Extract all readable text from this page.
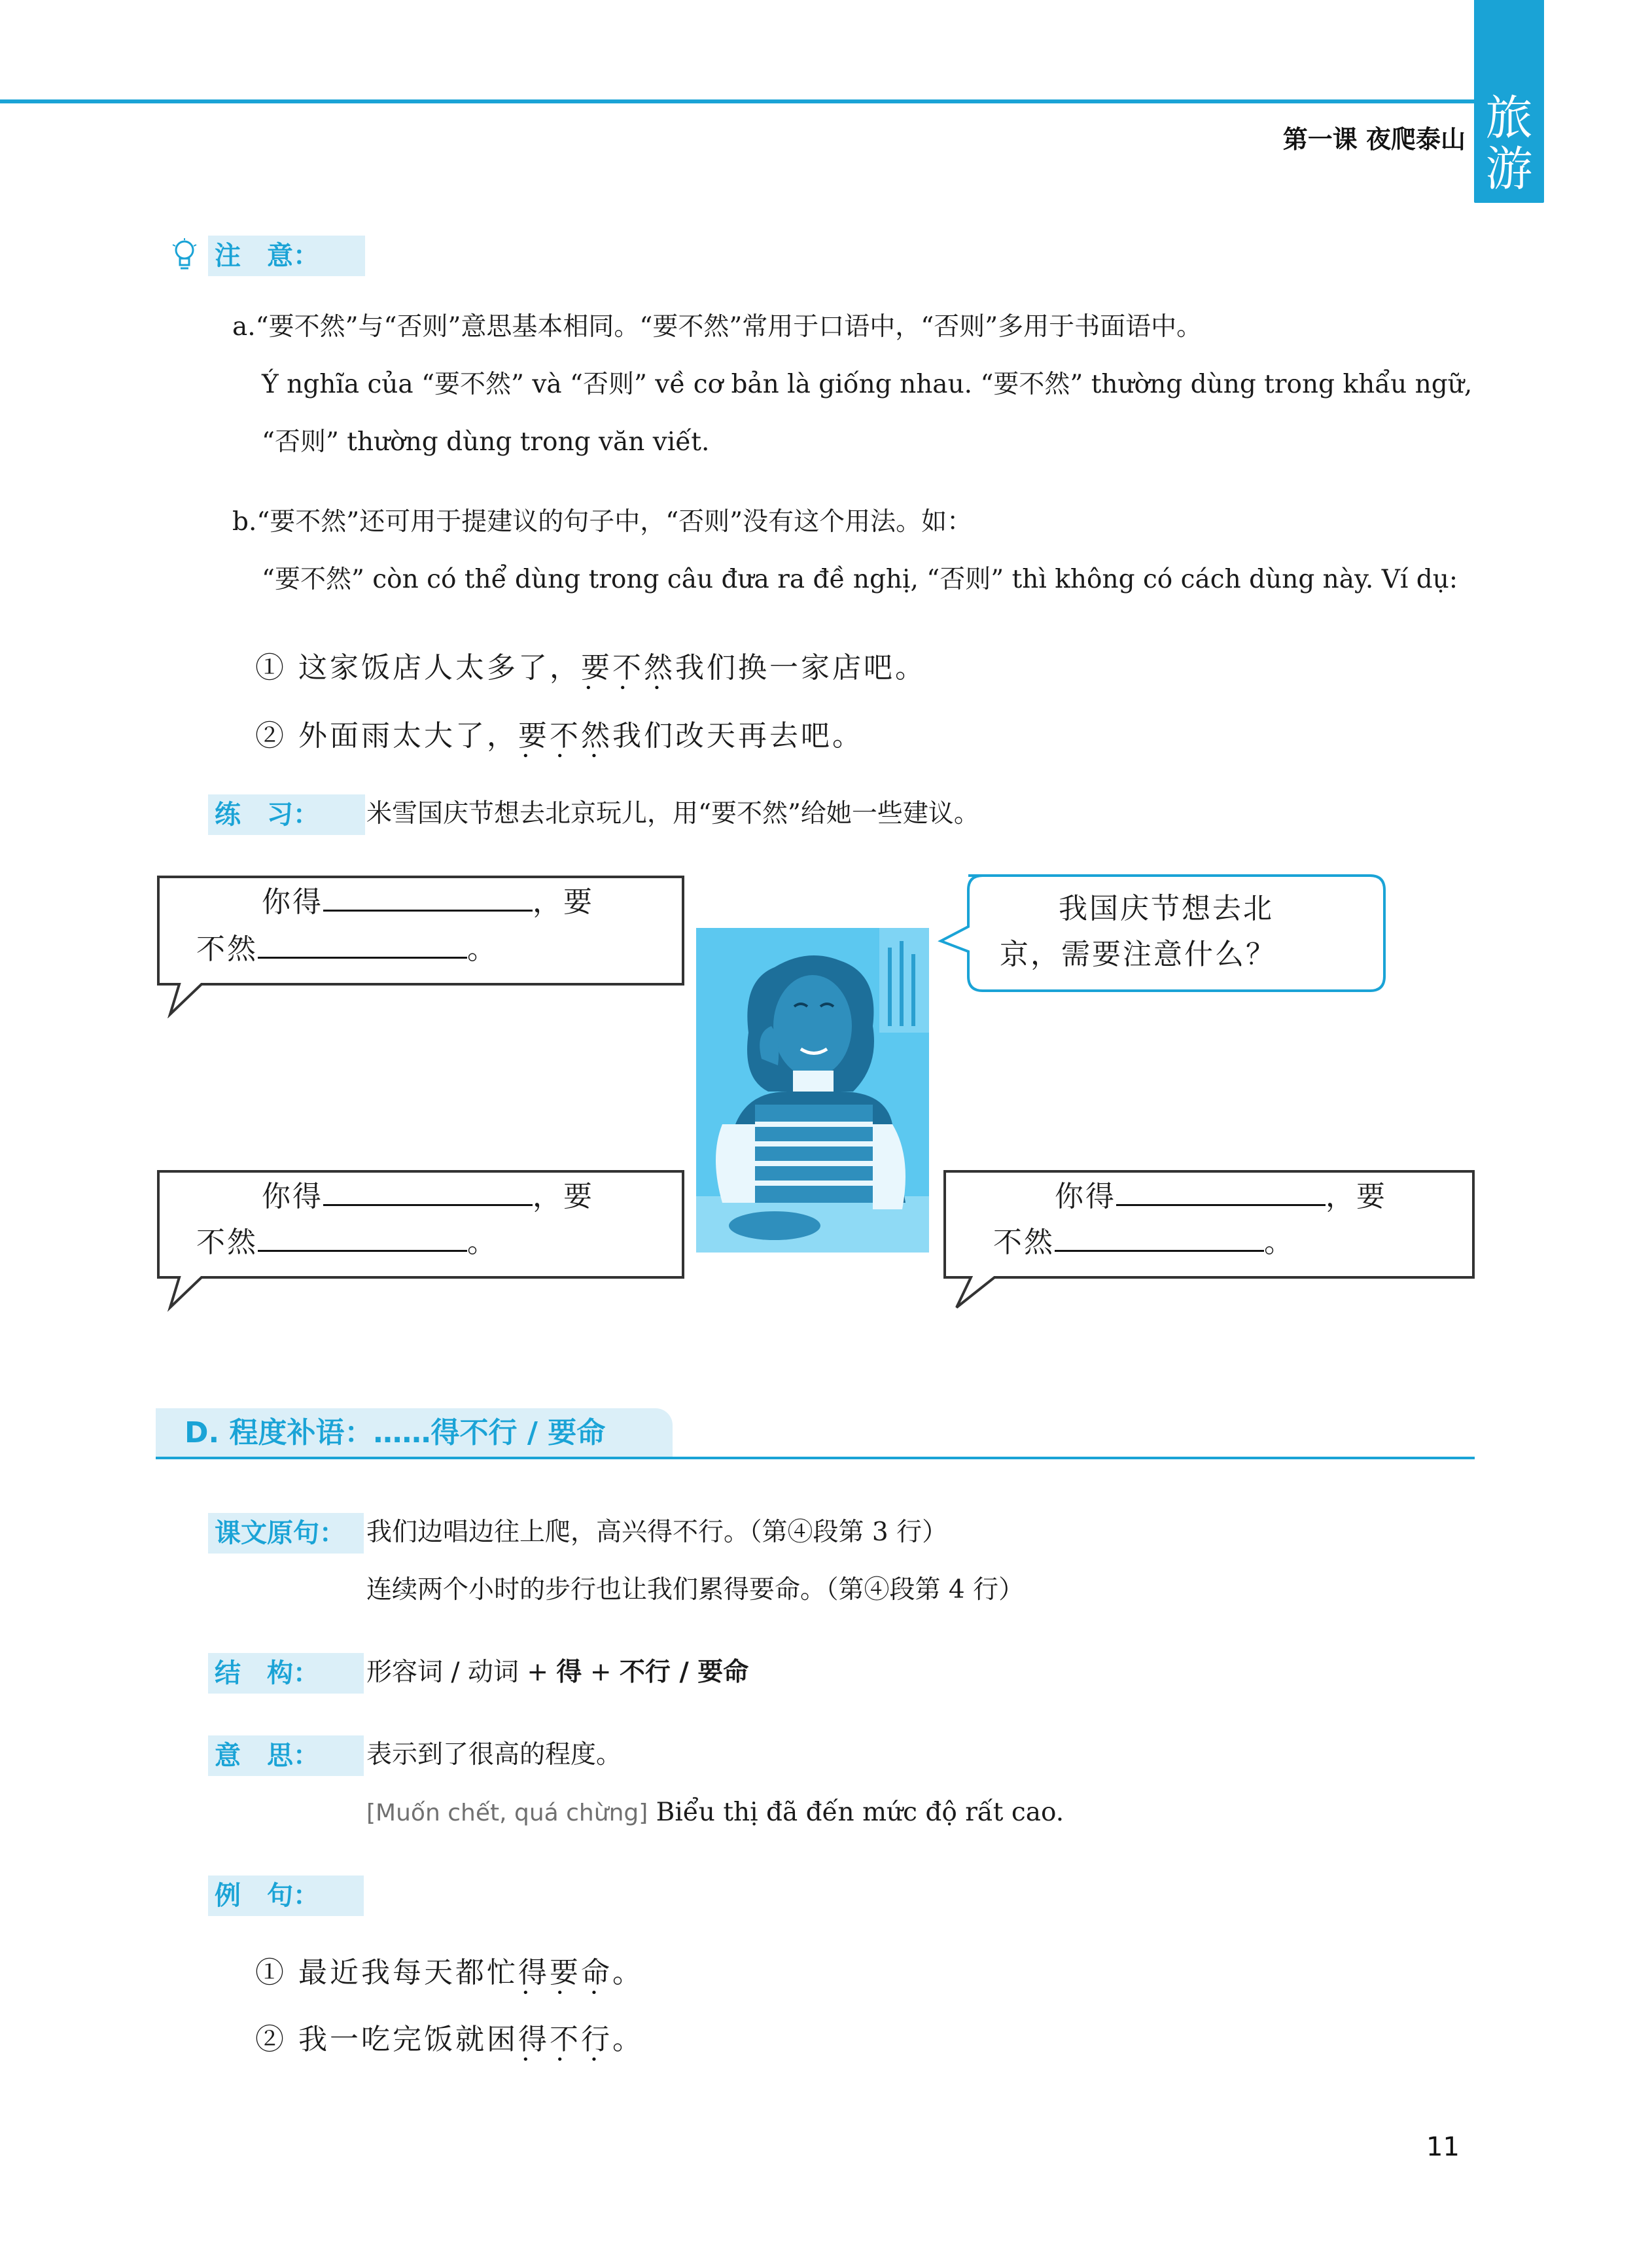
旅
游
第一课 夜爬泰山
注　意：
a.“要不然”与“否则”意思基本相同。“要不然”常用于口语中，“否则”多用于书面语中。
Ý nghĩa của “要不然” và “否则” về cơ bản là giống nhau. “要不然” thường dùng trong khẩu ngữ,
“否则” thường dùng trong văn viết.
b.“要不然”还可用于提建议的句子中，“否则”没有这个用法。如：
“要不然” còn có thể dùng trong câu đưa ra đề nghị, “否则” thì không có cách dùng này. Ví dụ:
① 这家饭店人太多了，要不然 • • •我们换一家店吧。
② 外面雨太大了，要不然 • • •我们改天再去吧。
练　习：	米雪国庆节想去北京玩儿，用“要不然”给她一些建议。
你得	，要
不然	。
我国庆节想去北
京，需要注意什么？
你得	，要
不然	。
你得	，要
不然	。
D. 程度补语：……得不行 / 要命
课文原句： 我们边唱边往上爬，高兴得不行。（第④段第 3 行）
连续两个小时的步行也让我们累得要命。（第④段第 4 行）
结　构：	形容词 / 动词 + 得 + 不行 / 要命
意　思：	表示到了很高的程度。
[Muốn chết, quá chừng] Biểu thị đã đến mức độ rất cao.
例　句：
① 最近我每天都忙得要命 • • •。
② 我一吃完饭就困得不行 • • •。
11
